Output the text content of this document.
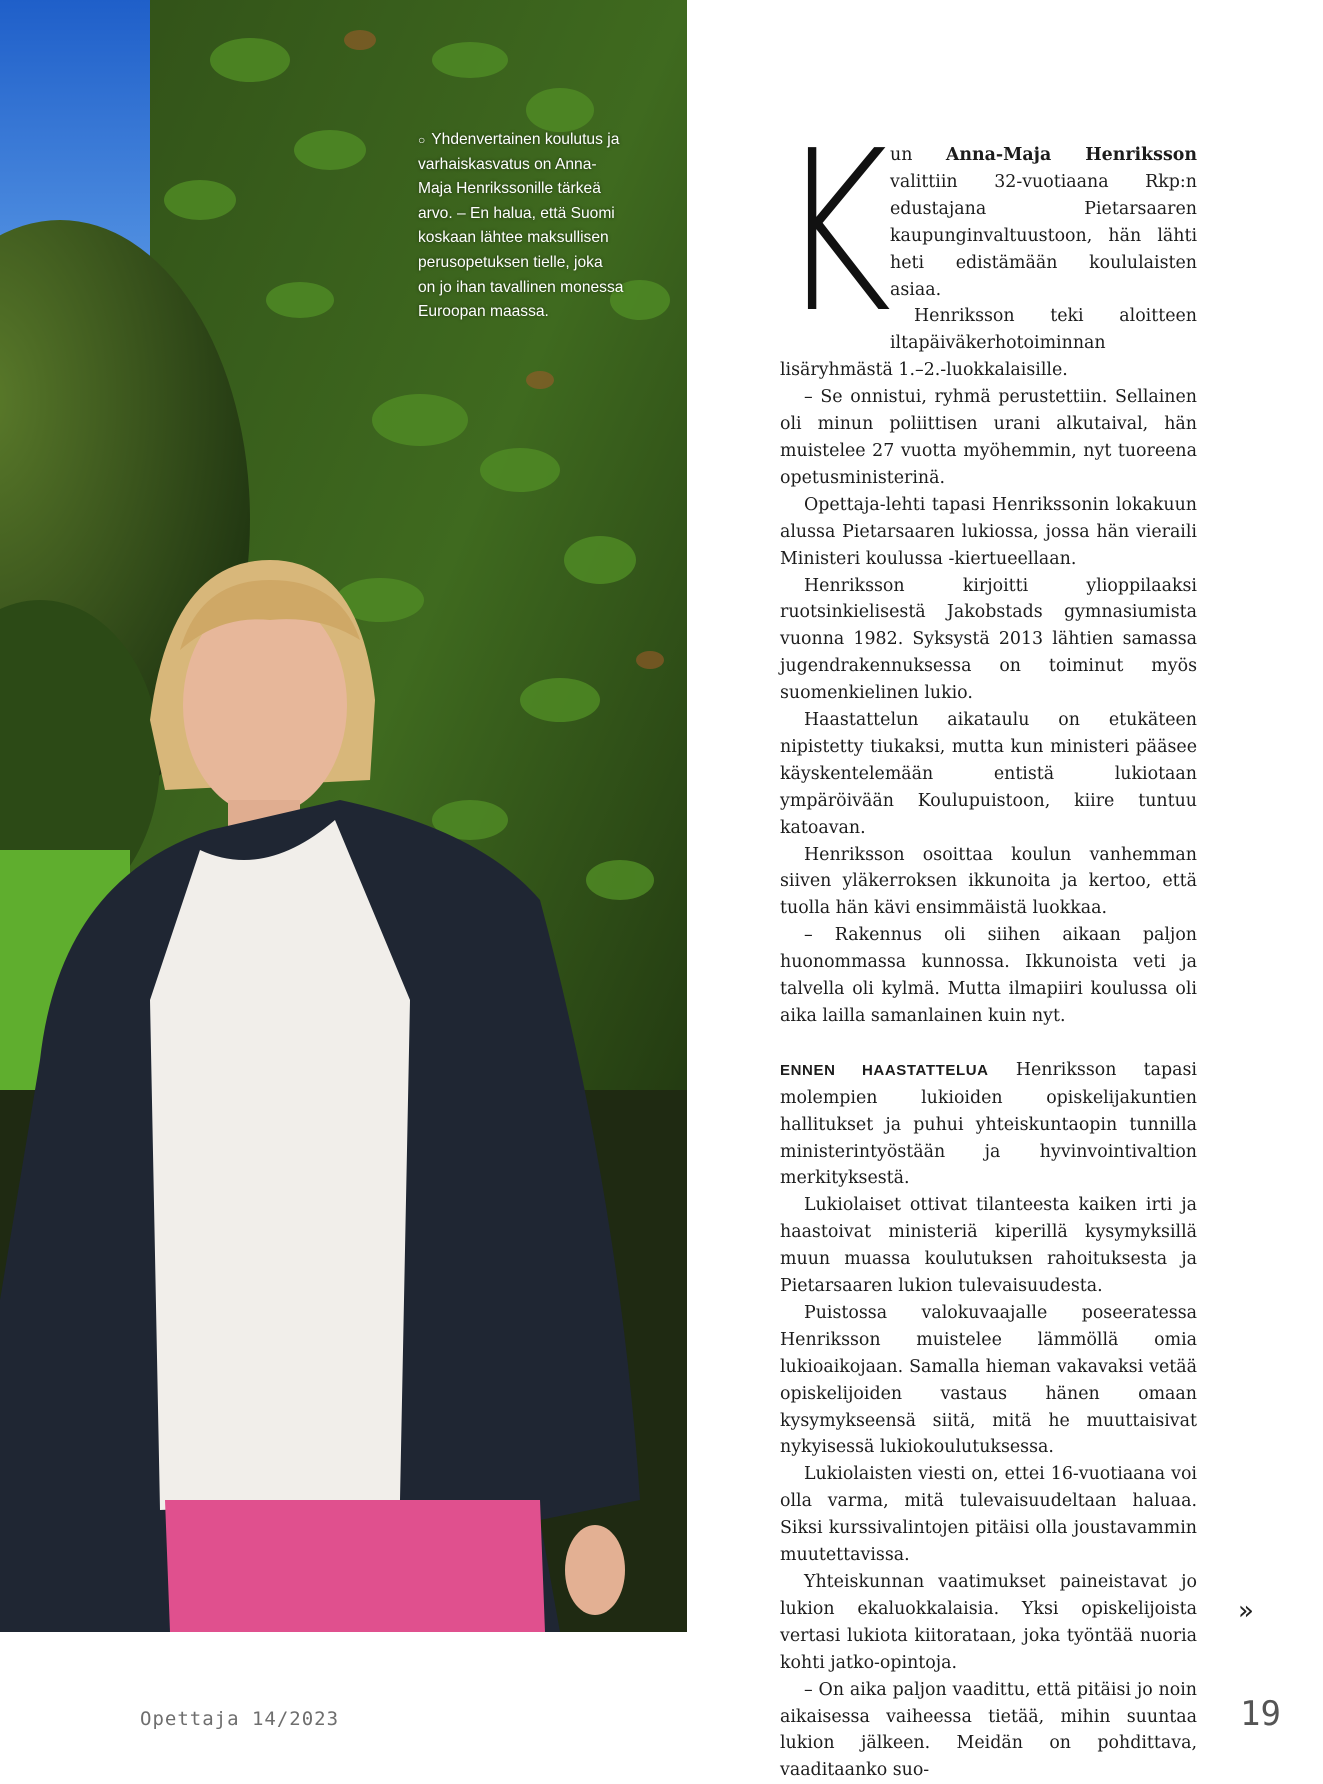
○ Yhdenvertainen koulutus ja varhaiskasvatus on Anna-Maja Henrikssonille tärkeä arvo. – En halua, että Suomi koskaan lähtee maksullisen perusopetuksen tielle, joka on jo ihan tavallinen monessa Euroopan maassa.	K

un Anna-Maja Henriksson valittiin 32-vuotiaana Rkp:n edustajana Pietarsaaren kaupunginvaltuustoon, hän lähti heti edistämään koululaisten asiaa.

Henriksson teki aloitteen iltapäiväkerhotoiminnan lisäryhmästä 1.–2.-luokkalaisille.

– Se onnistui, ryhmä perustettiin. Sellainen oli minun poliittisen urani alkutaival, hän muistelee 27 vuotta myöhemmin, nyt tuoreena opetusministerinä.

Opettaja-lehti tapasi Henrikssonin lokakuun alussa Pietarsaaren lukiossa, jossa hän vieraili Ministeri koulussa -kiertueellaan.

Henriksson kirjoitti ylioppilaaksi ruotsinkielisestä Jakobstads gymnasiumista vuonna 1982. Syksystä 2013 lähtien samassa jugendrakennuksessa on toiminut myös suomenkielinen lukio.

Haastattelun aikataulu on etukäteen nipistetty tiukaksi, mutta kun ministeri pääsee käyskentelemään entistä lukiotaan ympäröivään Koulupuistoon, kiire tuntuu katoavan.

Henriksson osoittaa koulun vanhemman siiven yläkerroksen ikkunoita ja kertoo, että tuolla hän kävi ensimmäistä luokkaa.

– Rakennus oli siihen aikaan paljon huonommassa kunnossa. Ikkunoista veti ja talvella oli kylmä. Mutta ilmapiiri koulussa oli aika lailla samanlainen kuin nyt.

ENNEN HAASTATTELUA Henriksson tapasi molempien lukioiden opiskelijakuntien hallitukset ja puhui yhteiskuntaopin tunnilla ministerintyöstään ja hyvinvointivaltion merkityksestä.

Lukiolaiset ottivat tilanteesta kaiken irti ja haastoivat ministeriä kiperillä kysymyksillä muun muassa koulutuksen rahoituksesta ja Pietarsaaren lukion tulevaisuudesta.

Puistossa valokuvaajalle poseeratessa Henriksson muistelee lämmöllä omia lukioaikojaan. Samalla hieman vakavaksi vetää opiskelijoiden vastaus hänen omaan kysymykseensä siitä, mitä he muuttaisivat nykyisessä lukiokoulutuksessa.

Lukiolaisten viesti on, ettei 16-vuotiaana voi olla varma, mitä tulevaisuudeltaan haluaa. Siksi kurssivalintojen pitäisi olla joustavammin muutettavissa.

Yhteiskunnan vaatimukset paineistavat jo lukion ekaluokkalaisia. Yksi opiskelijoista vertasi lukiota kiitorataan, joka työntää nuoria kohti jatko-opintoja.

– On aika paljon vaadittu, että pitäisi jo noin aikaisessa vaiheessa tietää, mihin suuntaa lukion jälkeen. Meidän on pohdittava, vaaditaanko suo-

»
Opettaja 14/2023	19
